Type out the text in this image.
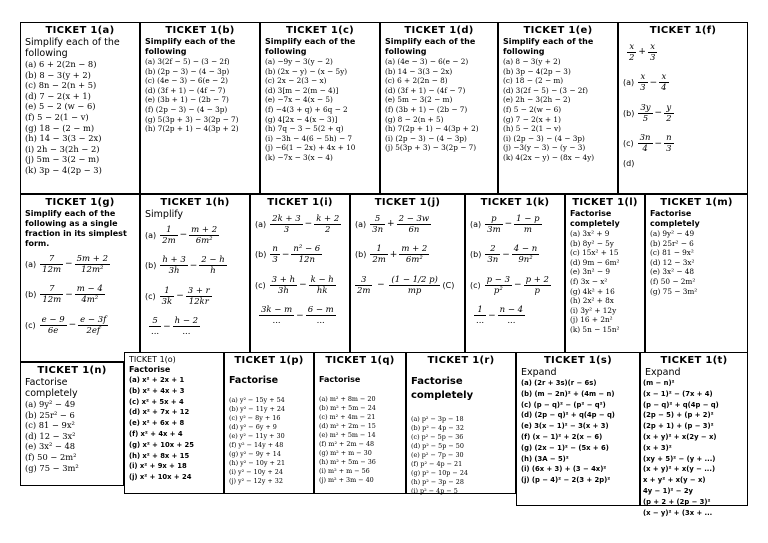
TICKET 1(a)
Simplify each of the following
(a) 6 + 2(2n − 8)
(b) 8 − 3(y + 2)
(c) 8n − 2(n + 5)
(d) 7 − 2(x + 1)
(e) 5 − 2 (w − 6)
(f) 5 − 2(1 − v)
(g) 18 − (2 − m)
(h) 14 − 3(3 − 2x)
(i) 2h − 3(2h − 2)
(j) 5m − 3(2 − m)
(k) 3p − 4(2p − 3)
TICKET 1(b)
Simplify each of the following
(a) 3(2f − 5) − (3 − 2f)
(b) (2p − 3) − (4 − 3p)
(c) (4e − 3) − 6(e − 2)
(d) (3f + 1) − (4f − 7)
(e) (3b + 1) − (2b − 7)
(f) (2p − 3) − (4 − 3p)
(g) 5(3p + 3) − 3(2p − 7)
(h) 7(2p + 1) − 4(3p + 2)
TICKET 1(c)
Simplify each of the following
(a) −9y − 3(y − 2)
(b) (2x − y) − (x − 5y)
(c) 2x − 2(3 − x)
(d) 3[m − 2(m − 4)]
(e) −7x − 4(x − 5)
(f) −4(3 + q) + 6q − 2
(g) 4[2x − 4(x − 3)]
(h) 7q − 3 − 5(2 + q)
(i) −3h − 4(6 − 5h) − 7
(j) −6(1 − 2x) + 4x + 10
(k) −7x − 3(x − 4)
TICKET 1(d)
Simplify each of the following
(a) (4e − 3) − 6(e − 2)
(b) 14 − 3(3 − 2x)
(c) 6 + 2(2n − 8)
(d) (3f + 1) − (4f − 7)
(e) 5m − 3(2 − m)
(f) (3b + 1) − (2b − 7)
(g) 8 − 2(n + 5)
(h) 7(2p + 1) − 4(3p + 2)
(i) (2p − 3) − (4 − 3p)
(j) 5(3p + 3) − 3(2p − 7)
TICKET 1(e)
Simplify each of the following
(a) 8 − 3(y + 2)
(b) 3p − 4(2p − 3)
(c) 18 − (2 − m)
(d) 3(2f − 5) − (3 − 2f)
(e) 2h − 3(2h − 2)
(f) 5 − 2(w − 6)
(g) 7 − 2(x + 1)
(h) 5 − 2(1 − v)
(i) (2p − 3) − (4 − 3p)
(j) −3(y − 3) − (y − 3)
(k) 4(2x − y) − (8x − 4y)
TICKET 1(f)
$\frac{x}{2} + \frac{x}{3}$
$(a) \frac{x}{3} - \frac{x}{4}$
$(b) \frac{3y}{5} - \frac{y}{2}$
$(c) \frac{3n}{4} - \frac{n}{3}$
(d)
TICKET 1(g)
Simplify each of the following as a single fraction in its simplest form.
$(a) \frac{7}{12m} - \frac{5m + 2}{\text{12m²}}$
$(b) \frac{7}{12m} - \frac{m - 4}{\text{4m²}}$
$(c) \frac{e - 9}{6e} - \frac{e - 3f}{2ef}$
TICKET 1(h)
Simplify
$(a) \frac{1}{2m} - \frac{m + 2}{\text{6m²}}$
$(b) \frac{h + 3}{3h} - \frac{2 - h}{h}$
$(c) \frac{1}{3k} - \frac{3 + r}{12kr}$
5
...
−
h − 2
...
TICKET 1(i)
$(a) \frac{2k + 3}{3} - \frac{k + 2}{2}$
$(b) \frac{n}{3} - \frac{\text{n² − 6}}{12n}$
$(c) \frac{3 + h}{3h} - \frac{k - h}{hk}$
3k − m
...
−
6 − m
...
TICKET 1(j)
$(a) \frac{5}{3n} + \frac{2 - 3w}{6n}$
$(b) \frac{1}{2m} + \frac{m + 2}{\text{6m²}}$
$\frac{3}{2m} - \frac{(1 - 1/2 p)}{mp} (C)$
TICKET 1(k)
$(a) \frac{p}{3m} - \frac{1 - p}{m}$
$(b) \frac{2}{3n} - \frac{4 - n}{\text{9n²}}$
$(c) \frac{p - 3}{\text{p²}} - \frac{p + 2}{p}$
1
...
−
n − 4
...
TICKET 1(l)
Factorise completely
(a) 3x² + 9
(b) 8y² − 5y
(c) 15x² + 15
(d) 9m − 6m²
(e) 3n² − 9
(f) 3x − x²
(g) 4k² + 16
(h) 2x² + 8x
(i) 3y² + 12y
(j) 16 + 2n²
(k) 5n − 15n²
TICKET 1(m)
Factorise completely
(a) 9y² − 49
(b) 25r² − 6
(c) 81 − 9x²
(d) 12 − 3x²
(e) 3x² − 48
(f) 50 − 2m²
(g) 75 − 3m²
TICKET 1(n)
Factorise completely
(a) 9y² − 49
(b) 25r² − 6
(c) 81 − 9x²
(d) 12 − 3x²
(e) 3x² − 48
(f) 50 − 2m²
(g) 75 − 3m²
TICKET 1(o)
Factorise
(a) x² + 2x + 1
(b) x² + 4x + 3
(c) x² + 5x + 4
(d) x² + 7x + 12
(e) x² + 6x + 8
(f) x² + 4x + 4
(g) x² + 10x + 25
(h) x² + 8x + 15
(i) x² + 9x + 18
(j) x² + 10x + 24
TICKET 1(p)
Factorise
(a) y² − 15y + 54
(b) y² − 11y + 24
(c) y² − 8y + 16
(d) y² − 6y + 9
(e) y² − 11y + 30
(f) y² − 14y + 48
(g) y² − 9y + 14
(h) y² − 10y + 21
(i) y² − 10y + 24
(j) y² − 12y + 32
TICKET 1(q)
Factorise
(a) m² + 8m − 20
(b) m² + 5m − 24
(c) m² + 4m − 21
(d) m² + 2m − 15
(e) m² + 5m − 14
(f) m² + 2m − 48
(g) m² + m − 30
(h) m² + 5m − 36
(i) m² + m − 56
(j) m² + 3m − 40
TICKET 1(r)
Factorise completely
(a) p² − 3p − 18
(b) p² − 4p − 32
(c) p² − 5p − 36
(d) p² − 5p − 50
(e) p² − 7p − 30
(f) p² − 4p − 21
(g) p² − 10p − 24
(h) p² − 3p − 28
(i) p² − 4p − 5
TICKET 1(s)
Expand
(a) (2r + 3s)(r − 6s)
(b) (m − 2n)² + (4m − n)
(c) (p − q)² − (p² − q²)
(d) (2p − q)² + q(4p − q)
(e) 3(x − 1)² − 3(x + 3)
(f) (x − 1)² + 2(x − 6)
(g) (2x − 1)² − (5x + 6)
(h) (3A − 5)²
(i) (6x + 3) + (3 − 4x)²
(j) (p − 4)² − 2(3 + 2p)²
TICKET 1(t)
Expand
(m − n)²
(x − 1)² − (7x + 4)
(p − q)² + q(4p − q)
(2p − 5) + (p + 2)²
(2p + 1) + (p − 3)²
(x + y)² + x(2y − x)
(x + 3)²
(xy + 5)² − (y + ...)
(x + y)² + x(y − ...)
x + y² + x(y − x)
4y − 1)² − 2y
(p + 2 + (2p − 3)²
(x − y)² + (3x + ...
